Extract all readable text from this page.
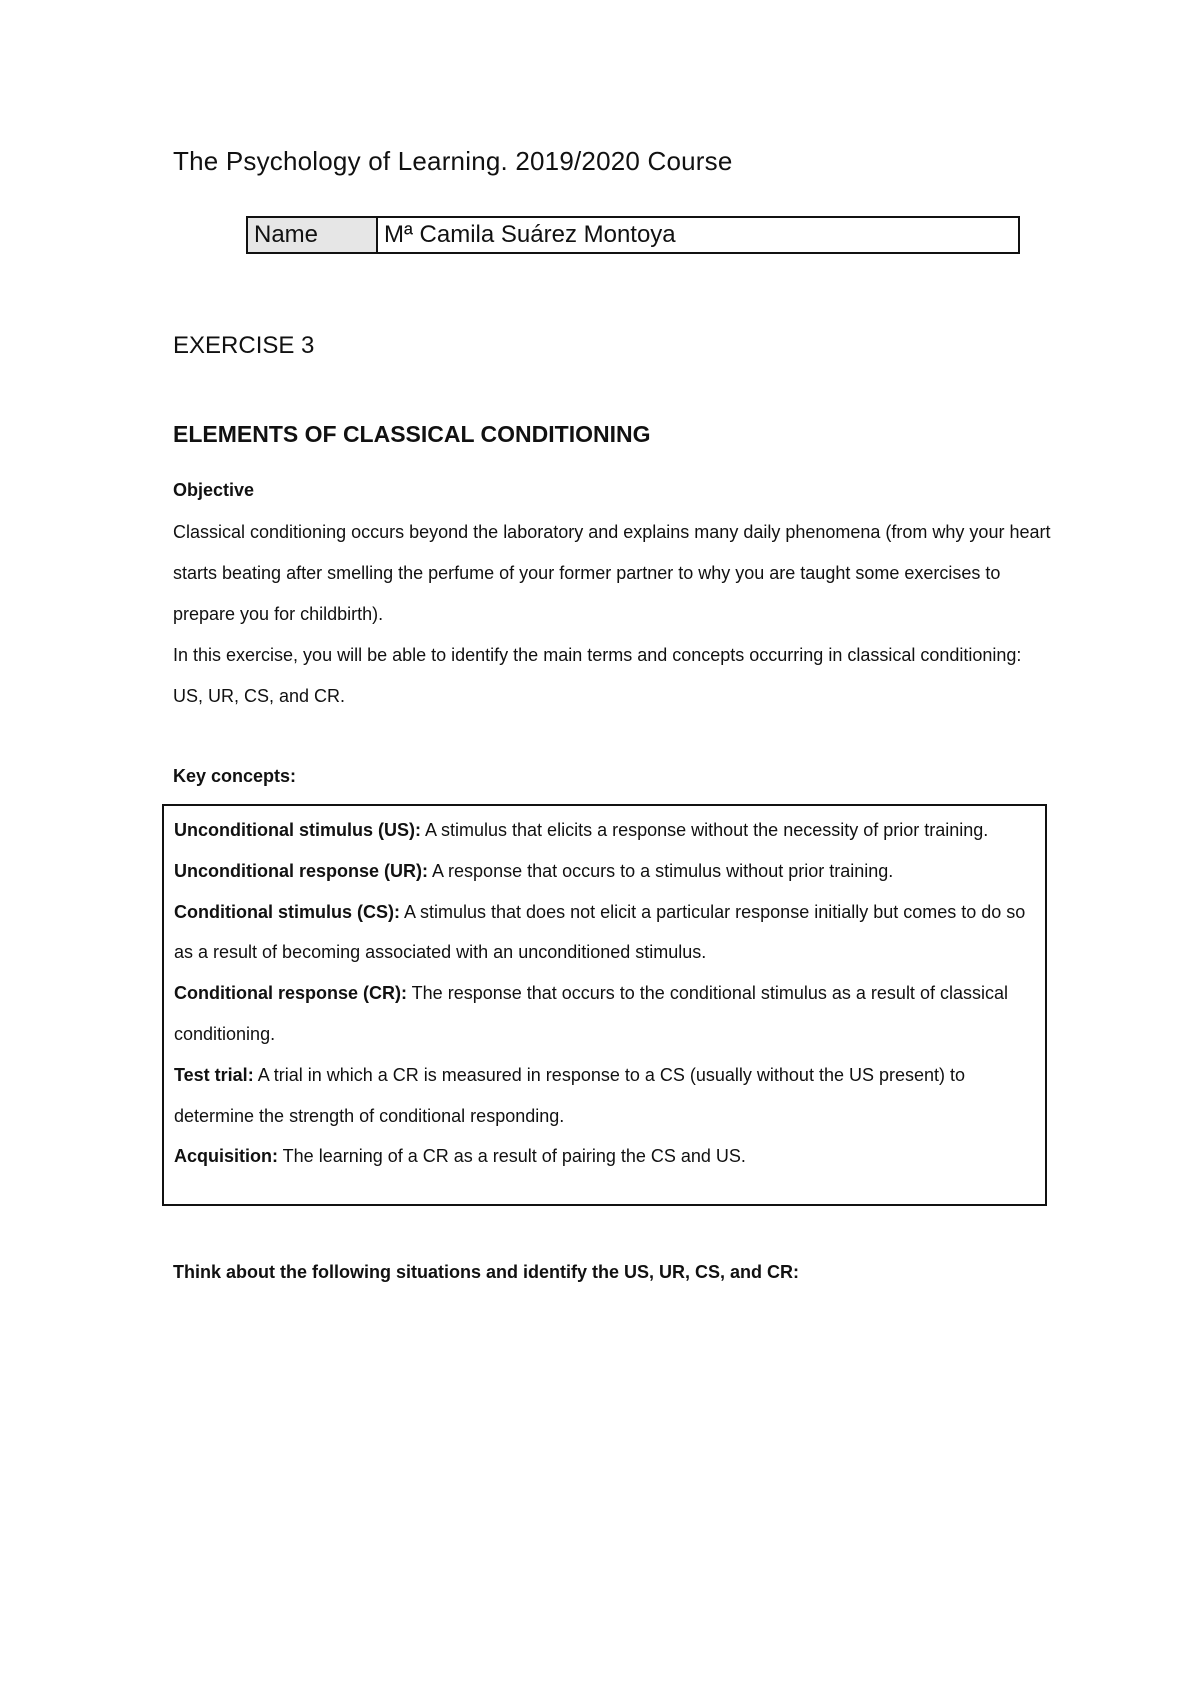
The Psychology of Learning. 2019/2020 Course
Name	Mª Camila Suárez Montoya
EXERCISE 3
ELEMENTS OF CLASSICAL CONDITIONING
Objective

Classical conditioning occurs beyond the laboratory and explains many daily phenomena (from why your heart starts beating after smelling the perfume of your former partner to why you are taught some exercises to prepare you for childbirth).

In this exercise, you will be able to identify the main terms and concepts occurring in classical conditioning: US, UR, CS, and CR.

Key concepts:

Unconditional stimulus (US): A stimulus that elicits a response without the necessity of prior training.

Unconditional response (UR): A response that occurs to a stimulus without prior training.

Conditional stimulus (CS): A stimulus that does not elicit a particular response initially but comes to do so as a result of becoming associated with an unconditioned stimulus.

Conditional response (CR): The response that occurs to the conditional stimulus as a result of classical conditioning.

Test trial: A trial in which a CR is measured in response to a CS (usually without the US present) to determine the strength of conditional responding.

Acquisition: The learning of a CR as a result of pairing the CS and US.

Think about the following situations and identify the US, UR, CS, and CR:
